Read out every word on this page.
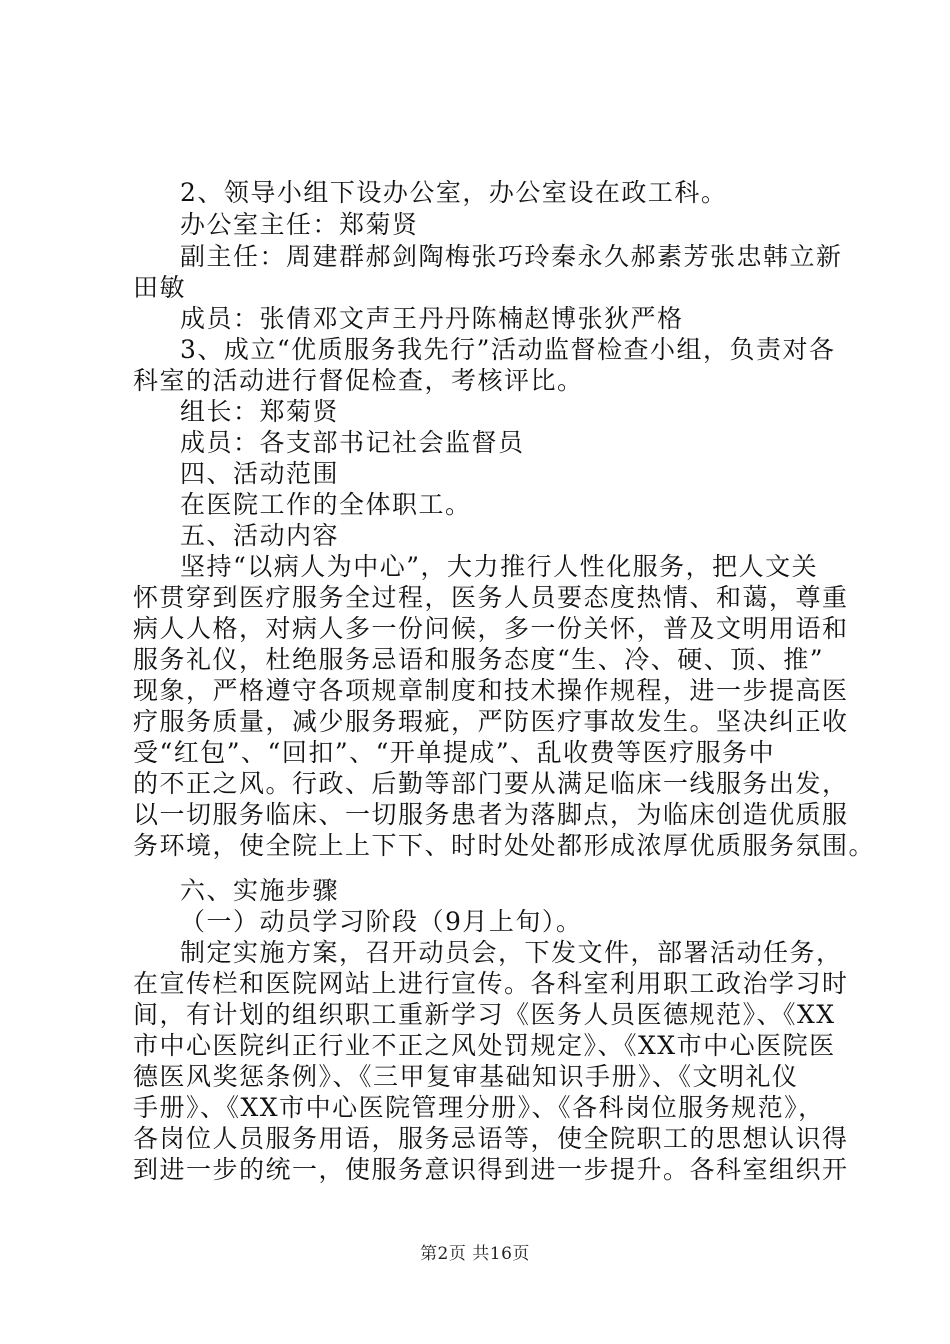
2、领导小组下设办公室，办公室设在政工科。
办公室主任：郑菊贤
副主任：周建群郝剑陶梅张巧玲秦永久郝素芳张忠韩立新
田敏
成员：张倩邓文声王丹丹陈楠赵博张狄严格
3、成立“优质服务我先行”活动监督检查小组，负责对各
科室的活动进行督促检查，考核评比。
组长：郑菊贤
成员：各支部书记社会监督员
四、活动范围
在医院工作的全体职工。
五、活动内容
坚持“以病人为中心”，大力推行人性化服务，把人文关
怀贯穿到医疗服务全过程，医务人员要态度热情、和蔼，尊重
病人人格，对病人多一份问候，多一份关怀，普及文明用语和
服务礼仪，杜绝服务忌语和服务态度“生、冷、硬、顶、推”
现象，严格遵守各项规章制度和技术操作规程，进一步提高医
疗服务质量，减少服务瑕疵，严防医疗事故发生。坚决纠正收
受“红包”、“回扣”、“开单提成”、乱收费等医疗服务中
的不正之风。行政、后勤等部门要从满足临床一线服务出发，
以一切服务临床、一切服务患者为落脚点，为临床创造优质服
务环境，使全院上上下下、时时处处都形成浓厚优质服务氛围。
六、实施步骤
（一）动员学习阶段（9月上旬）。
制定实施方案，召开动员会，下发文件，部署活动任务，
在宣传栏和医院网站上进行宣传。各科室利用职工政治学习时
间，有计划的组织职工重新学习《医务人员医德规范》、《XX
市中心医院纠正行业不正之风处罚规定》、《XX市中心医院医
德医风奖惩条例》、《三甲复审基础知识手册》、《文明礼仪
手册》、《XX市中心医院管理分册》、《各科岗位服务规范》，
各岗位人员服务用语，服务忌语等，使全院职工的思想认识得
到进一步的统一，使服务意识得到进一步提升。各科室组织开
第2页 共16页
